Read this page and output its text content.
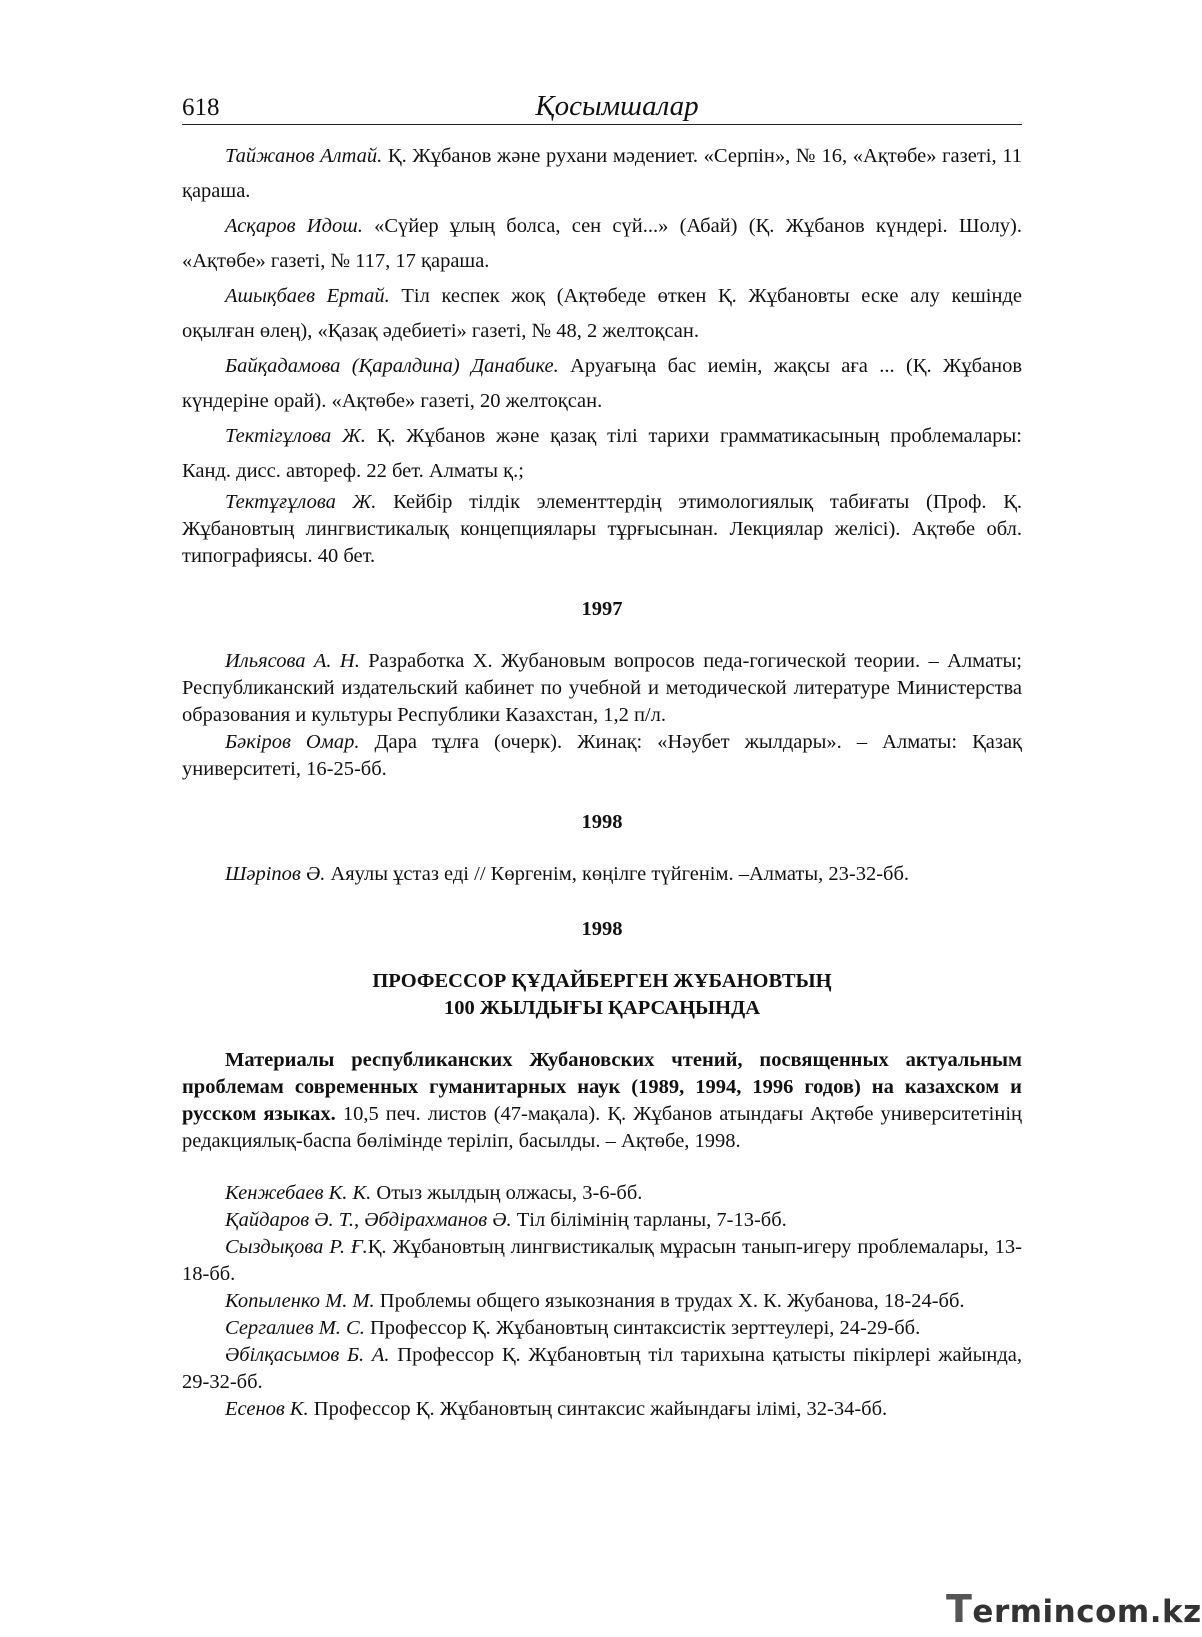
618	Қосымшалар

Тайжанов Алтай. Қ. Жұбанов және рухани мәдениет. «Серпін», № 16, «Ақтөбе» газеті, 11 қараша.

Асқаров Идош. «Сүйер ұлың болса, сен сүй...» (Абай) (Қ. Жұбанов күндері. Шолу). «Ақтөбе» газеті, № 117, 17 қараша.

Ашықбаев Ертай. Тіл кеспек жоқ (Ақтөбеде өткен Қ. Жұбановты еске алу кешінде оқылған өлең), «Қазақ әдебиеті» газеті, № 48, 2 желтоқсан.

Байқадамова (Қаралдина) Данабике. Аруағыңа бас иемін, жақсы аға ... (Қ. Жұбанов күндеріне орай). «Ақтөбе» газеті, 20 желтоқсан.

Тектігұлова Ж. Қ. Жұбанов және қазақ тілі тарихи грамматикасының проблемалары: Канд. дисс. автореф. 22 бет. Алматы қ.;

Тектұғұлова Ж. Кейбір тілдік элементтердің этимологиялық табиғаты (Проф. Қ. Жұбановтың лингвистикалық концепциялары тұрғысынан. Лекциялар желісі). Ақтөбе обл. типографиясы. 40 бет.

1997

Ильясова А. Н. Разработка Х. Жубановым вопросов педа-гогической теории. – Алматы; Республиканский издательский кабинет по учебной и методической литературе Министерства образования и культуры Республики Казахстан, 1,2 п/л.

Бәкіров Омар. Дара тұлға (очерк). Жинақ: «Нәубет жылдары». – Алматы: Қазақ университеті, 16-25-бб.

1998

Шәріпов Ә. Аяулы ұстаз еді // Көргенім, көңілге түйгенім. –Алматы, 23-32-бб.

1998

ПРОФЕССОР ҚҰДАЙБЕРГЕН ЖҰБАНОВТЫҢ

100 ЖЫЛДЫҒЫ ҚАРСАҢЫНДА

Материалы республиканских Жубановских чтений, посвященных актуальным проблемам современных гуманитарных наук (1989, 1994, 1996 годов) на казахском и русском языках. 10,5 печ. листов (47-мақала). Қ. Жұбанов атындағы Ақтөбе университетінің редакциялық-баспа бөлімінде теріліп, басылды. – Ақтөбе, 1998.

Кенжебаев К. К. Отыз жылдың олжасы, 3-6-бб.

Қайдаров Ә. Т., Әбдірахманов Ә. Тіл білімінің тарланы, 7-13-бб.

Сыздықова Р. Ғ.Қ. Жұбановтың лингвистикалық мұрасын танып-игеру проблемалары, 13-18-бб.

Копыленко М. М. Проблемы общего языкознания в трудах Х. К. Жубанова, 18-24-бб.

Сергалиев М. С. Профессор Қ. Жұбановтың синтаксистік зерттеулері, 24-29-бб.

Әбілқасымов Б. А. Профессор Қ. Жұбановтың тіл тарихына қатысты пікірлері жайында, 29-32-бб.

Есенов К. Профессор Қ. Жұбановтың синтаксис жайындағы ілімі, 32-34-бб.

Termincom.kz
